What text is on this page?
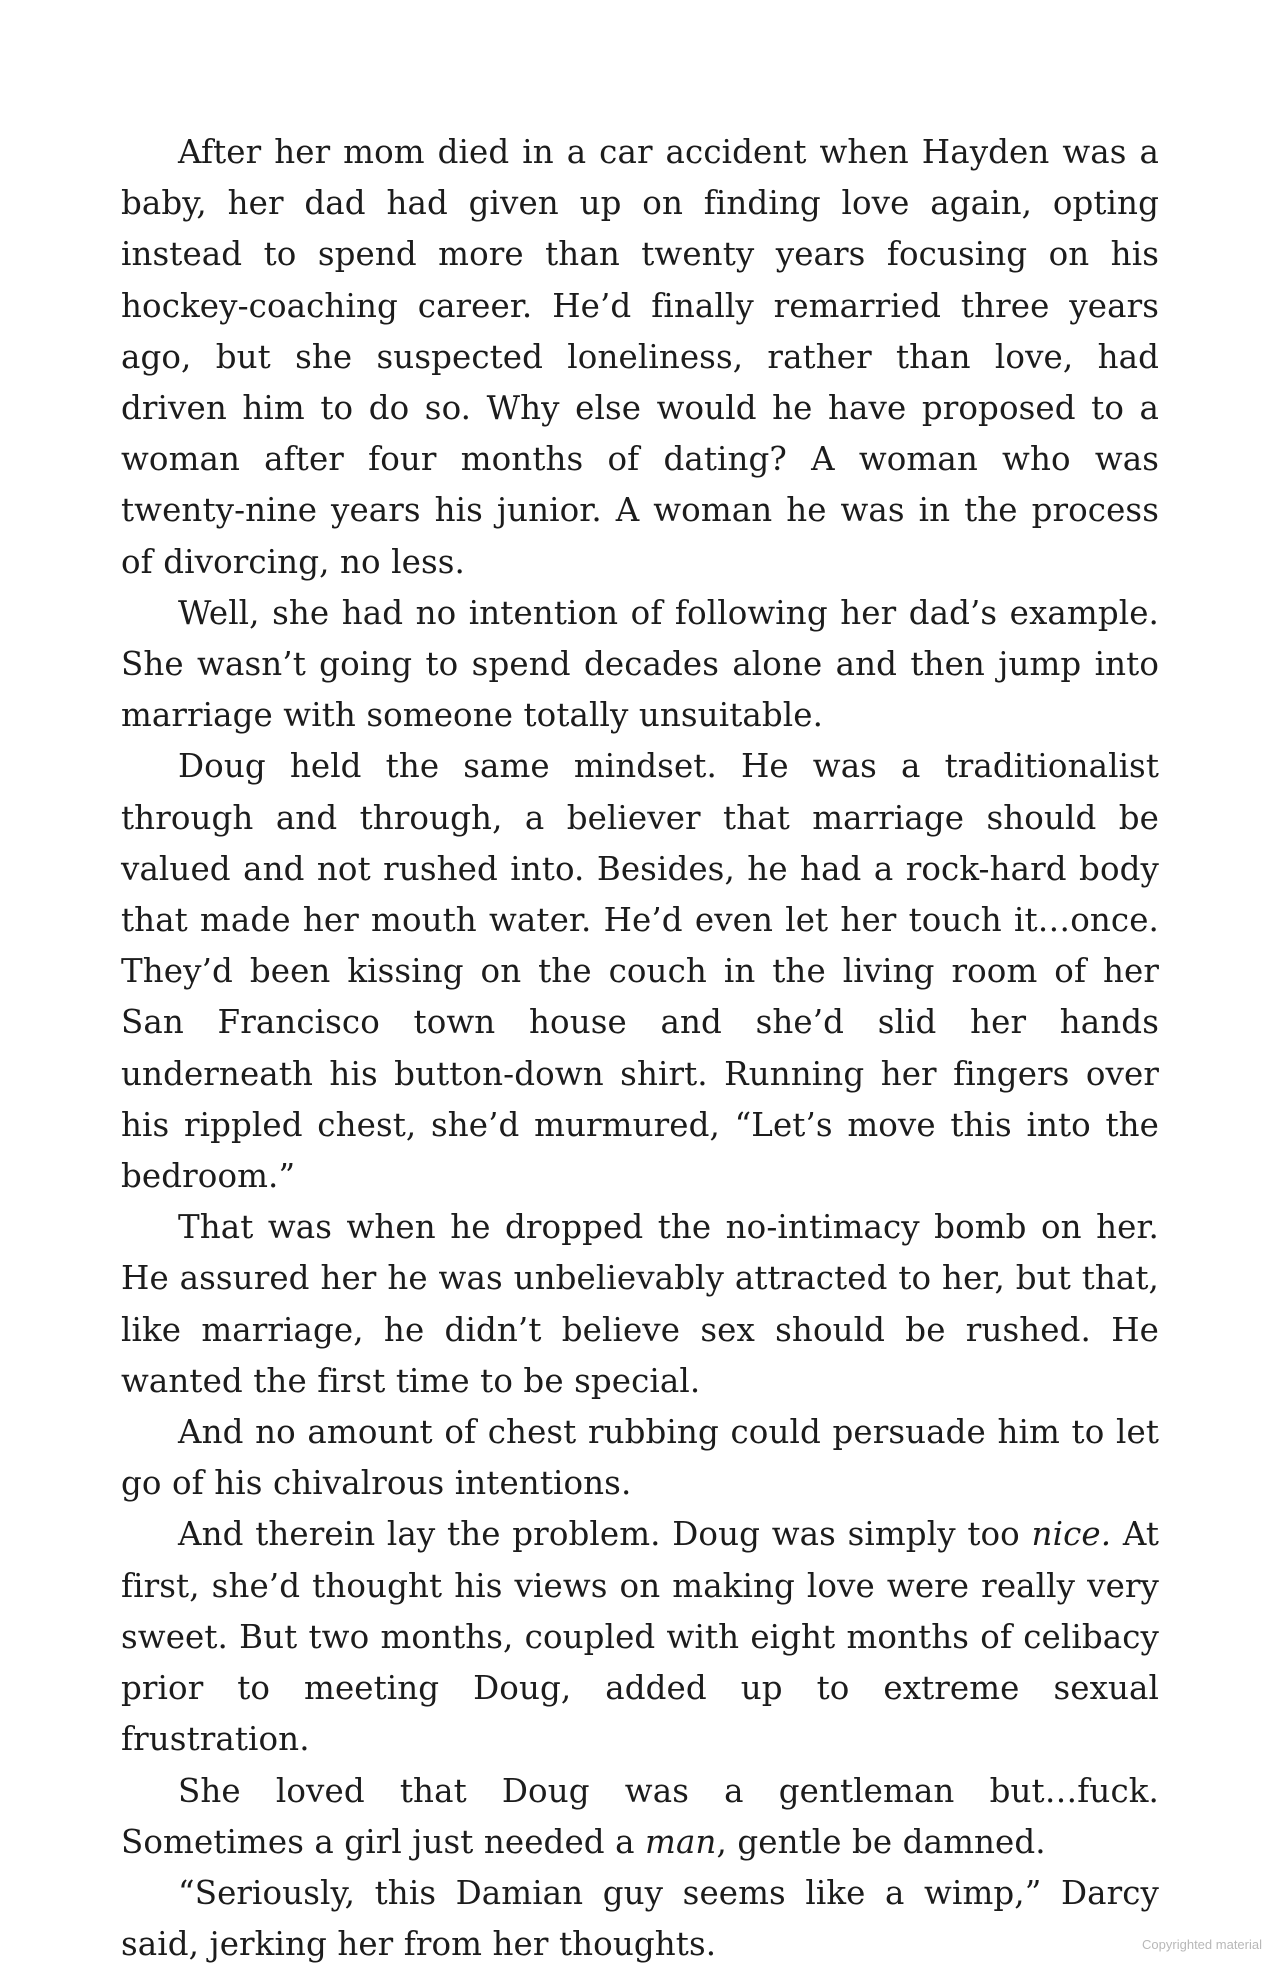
After her mom died in a car accident when Hayden was a baby, her dad had given up on finding love again, opting instead to spend more than twenty years focusing on his hockey-coaching career. He’d finally remarried three years ago, but she suspected loneliness, rather than love, had driven him to do so. Why else would he have proposed to a woman after four months of dating? A woman who was twenty-nine years his junior. A woman he was in the process of divorcing, no less.

Well, she had no intention of following her dad’s example. She wasn’t going to spend decades alone and then jump into marriage with someone totally unsuitable.

Doug held the same mindset. He was a traditionalist through and through, a believer that marriage should be valued and not rushed into. Besides, he had a rock-hard body that made her mouth water. He’d even let her touch it…once. They’d been kissing on the couch in the living room of her San Francisco town house and she’d slid her hands underneath his button-down shirt. Running her fingers over his rippled chest, she’d murmured, “Let’s move this into the bedroom.”

That was when he dropped the no-intimacy bomb on her. He assured her he was unbelievably attracted to her, but that, like marriage, he didn’t believe sex should be rushed. He wanted the first time to be special.

And no amount of chest rubbing could persuade him to let go of his chivalrous intentions.

And therein lay the problem. Doug was simply too nice. At first, she’d thought his views on making love were really very sweet. But two months, coupled with eight months of celibacy prior to meeting Doug, added up to extreme sexual frustration.

She loved that Doug was a gentleman but…fuck. Sometimes a girl just needed a man, gentle be damned.

“Seriously, this Damian guy seems like a wimp,” Darcy said, jerking her from her thoughts.	Copyrighted material
